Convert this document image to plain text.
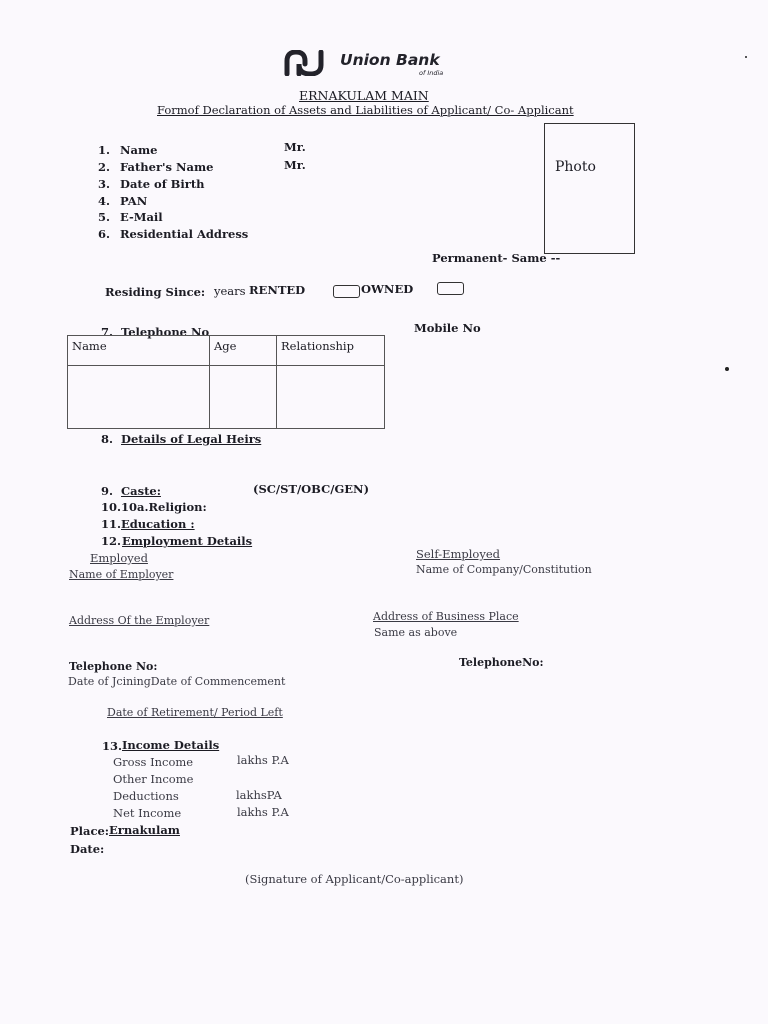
Union Bank
of India
ERNAKULAM MAIN
Formof Declaration of Assets and Liabilities of Applicant/ Co- Applicant
Photo
1. Name	Mr.
2. Father's Name	Mr.
3. Date of Birth
4. PAN
5. E-Mail
6. Residential Address
Permanent- Same --
Residing Since: years RENTED	OWNED
7. Telephone No	Mobile No
Name	Age	Relationship

8. Details of Legal Heirs
9. Caste:	(SC/ST/OBC/GEN)
10. 10a.Religion:
11. Education :
12. Employment Details
Employed
Name of Employer
Address Of the Employer
Telephone No:
Date of JciningDate of Commencement
Date of Retirement/ Period Left
Self-Employed
Name of Company/Constitution
Address of Business Place
Same as above
TelephoneNo:
13. Income Details
Gross Income	lakhs P.A
Other Income
Deductions	lakhsPA
Net Income	lakhs P.A
Place: Ernakulam
Date:
(Signature of Applicant/Co-applicant)
